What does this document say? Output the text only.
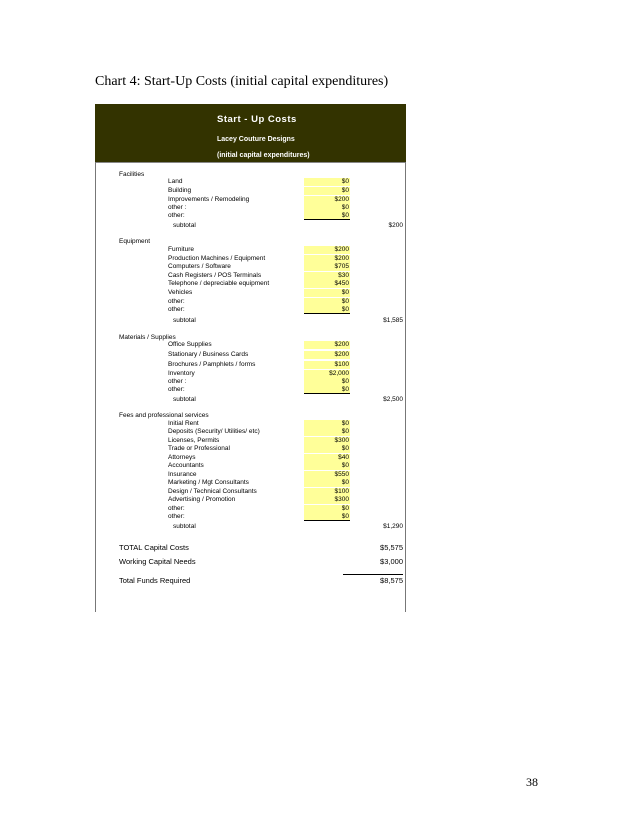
Chart 4: Start-Up Costs (initial capital expenditures)
Start - Up Costs
Lacey Couture Designs
(initial capital expenditures)
Facilities
Land	$0
Building	$0
Improvements / Remodeling	$200
other :	$0
other:	$0
subtotal	$200
Equipment
Furniture	$200
Production Machines / Equipment	$200
Computers / Software	$705
Cash Registers / POS Terminals	$30
Telephone / depreciable equipment	$450
Vehicles	$0
other:	$0
other:	$0
subtotal	$1,585
Materials / Supplies
Office Supplies	$200
Stationary / Business Cards	$200
Brochures / Pamphlets / forms	$100
Inventory	$2,000
other :	$0
other:	$0
subtotal	$2,500
Fees and professional services
Initial Rent	$0
Deposits (Security/ Utilities/ etc)	$0
Licenses, Permits	$300
Trade or Professional	$0
Attorneys	$40
Accountants	$0
Insurance	$550
Marketing / Mgt Consultants	$0
Design / Technical Consultants	$100
Advertising / Promotion	$300
other:	$0
other:	$0
subtotal	$1,290
TOTAL Capital Costs	$5,575
Working Capital Needs	$3,000
Total Funds Required	$8,575
38
